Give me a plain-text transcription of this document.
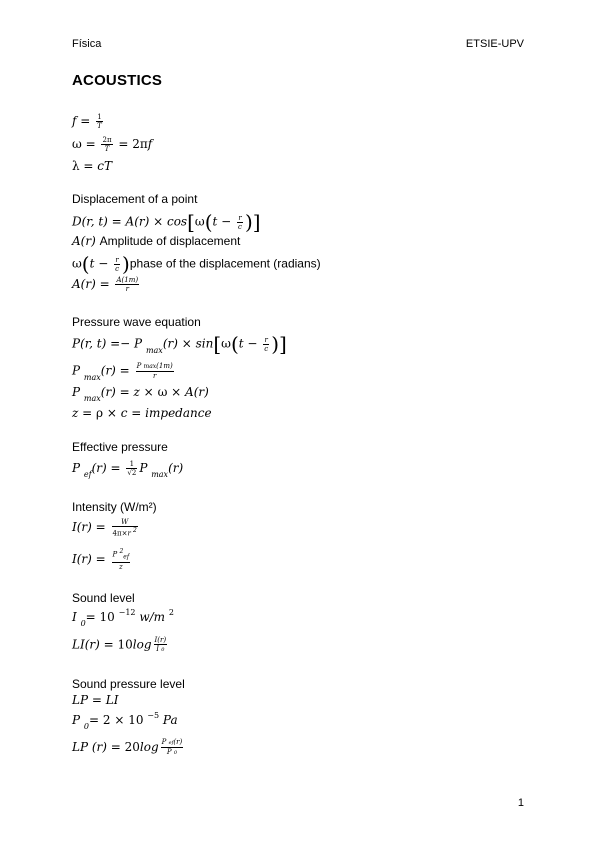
Física	ETSIE-UPV
ACOUSTICS
$f = \frac{1}{T}$
$\omega = \frac{2\pi}{T} = 2\pi f$
λ = cT
Displacement of a point
D(r, $t) = A(r) \times \cos[\omega(t - \frac{r}{c}$ )]
A(r) Amplitude of displacement
$\omega(t - \frac{r}{c}$ )phase of the displacement (radians)
$A(r) = \frac{A(1m)}{r}$
Pressure wave equation
P(r, t) =− P $_{max}(r) \times \sin[\omega(t - \frac{r}{c}$ )]
P $_{max}(r) = \frac{\text{P max(1m)}}{r}$
P $_{max}$(r) = z × ω × A(r)
z = ρ × c = impedance
Effective pressure
P $_{ef}(r) = \frac{1}{√2}$ P $_{max}$(r)
Intensity (W/m²)
$I(r) = \frac{W}{4\pi\times r ^2}$
$I(r) = \frac{P ^2_{ef}}{z}$
Sound level
I $_0$= 10 $^{-12}$ w/m $^2$
$LI(r) = 10\log \frac{I(r)}{I 0}$
Sound pressure level
LP = LI
P $_0$= 2 × 10 $^{-5}$ Pa
LP $(r) = 20\log \frac{\text{P ef(r)}}{P 0}$
1
